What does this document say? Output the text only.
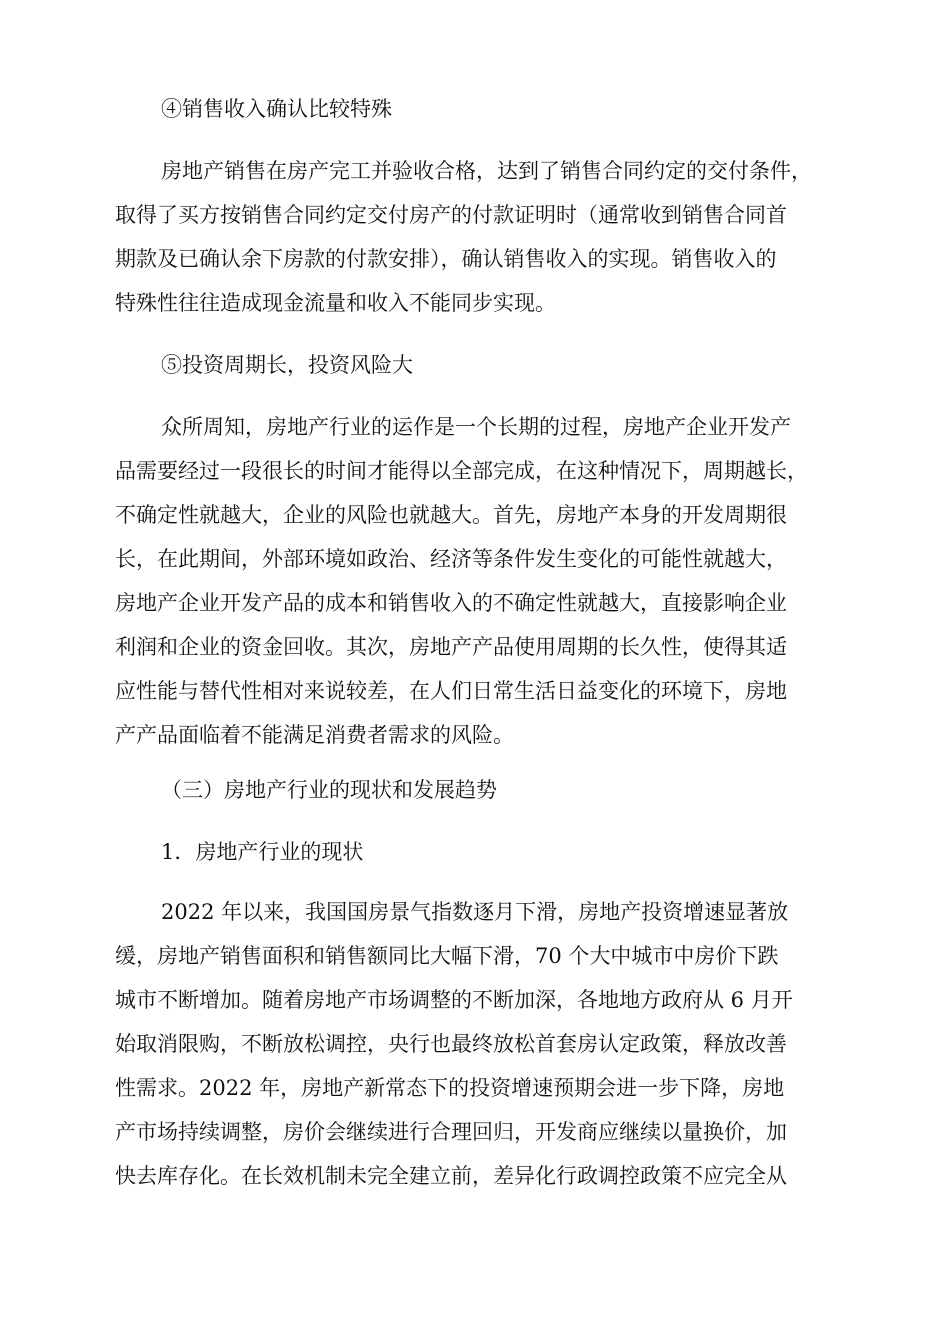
④销售收入确认比较特殊
房地产销售在房产完工并验收合格，达到了销售合同约定的交付条件，
取得了买方按销售合同约定交付房产的付款证明时（通常收到销售合同首
期款及已确认余下房款的付款安排），确认销售收入的实现。销售收入的
特殊性往往造成现金流量和收入不能同步实现。
⑤投资周期长，投资风险大
众所周知，房地产行业的运作是一个长期的过程，房地产企业开发产
品需要经过一段很长的时间才能得以全部完成，在这种情况下，周期越长，
不确定性就越大，企业的风险也就越大。首先，房地产本身的开发周期很
长，在此期间，外部环境如政治、经济等条件发生变化的可能性就越大，
房地产企业开发产品的成本和销售收入的不确定性就越大，直接影响企业
利润和企业的资金回收。其次，房地产产品使用周期的长久性，使得其适
应性能与替代性相对来说较差，在人们日常生活日益变化的环境下，房地
产产品面临着不能满足消费者需求的风险。
（三）房地产行业的现状和发展趋势
1．房地产行业的现状
2022 年以来，我国国房景气指数逐月下滑，房地产投资增速显著放
缓，房地产销售面积和销售额同比大幅下滑，70 个大中城市中房价下跌
城市不断增加。随着房地产市场调整的不断加深，各地地方政府从 6 月开
始取消限购，不断放松调控，央行也最终放松首套房认定政策，释放改善
性需求。2022 年，房地产新常态下的投资增速预期会进一步下降，房地
产市场持续调整，房价会继续进行合理回归，开发商应继续以量换价，加
快去库存化。在长效机制未完全建立前，差异化行政调控政策不应完全从
